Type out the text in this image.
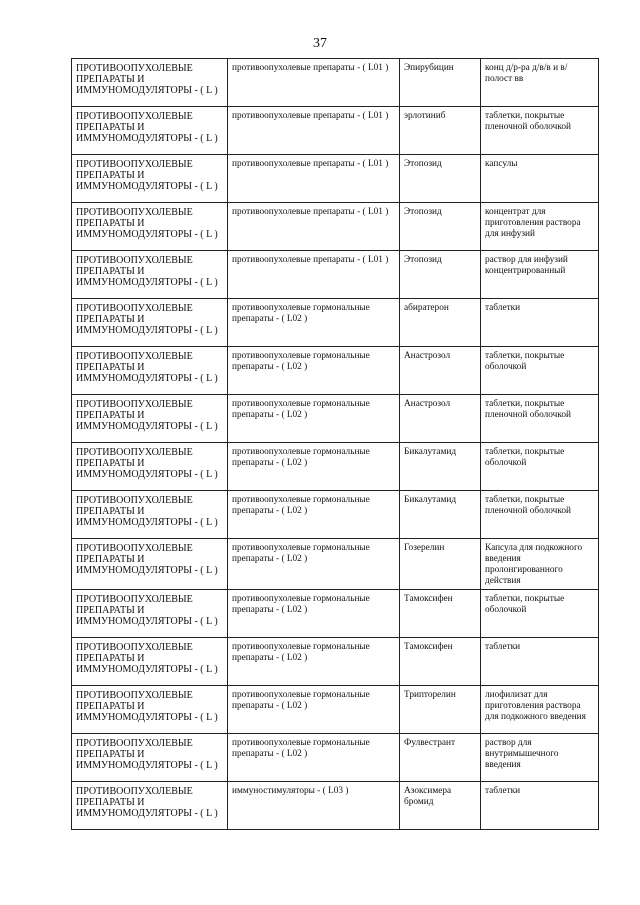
37
ПРОТИВООПУХОЛЕВЫЕ ПРЕПАРАТЫ И ИММУНОМОДУЛЯТОРЫ - ( L )	противоопухолевые препараты - ( L01 )	Эпирубицин	конц д/р-ра д/в/в и в/полост вв
ПРОТИВООПУХОЛЕВЫЕ ПРЕПАРАТЫ И ИММУНОМОДУЛЯТОРЫ - ( L )	противоопухолевые препараты - ( L01 )	эрлотиниб	таблетки, покрытые пленочной оболочкой
ПРОТИВООПУХОЛЕВЫЕ ПРЕПАРАТЫ И ИММУНОМОДУЛЯТОРЫ - ( L )	противоопухолевые препараты - ( L01 )	Этопозид	капсулы
ПРОТИВООПУХОЛЕВЫЕ ПРЕПАРАТЫ И ИММУНОМОДУЛЯТОРЫ - ( L )	противоопухолевые препараты - ( L01 )	Этопозид	концентрат для приготовления раствора для инфузий
ПРОТИВООПУХОЛЕВЫЕ ПРЕПАРАТЫ И ИММУНОМОДУЛЯТОРЫ - ( L )	противоопухолевые препараты - ( L01 )	Этопозид	раствор для инфузий концентрированный
ПРОТИВООПУХОЛЕВЫЕ ПРЕПАРАТЫ И ИММУНОМОДУЛЯТОРЫ - ( L )	противоопухолевые гормональные препараты - ( L02 )	абиратерон	таблетки
ПРОТИВООПУХОЛЕВЫЕ ПРЕПАРАТЫ И ИММУНОМОДУЛЯТОРЫ - ( L )	противоопухолевые гормональные препараты - ( L02 )	Анастрозол	таблетки, покрытые оболочкой
ПРОТИВООПУХОЛЕВЫЕ ПРЕПАРАТЫ И ИММУНОМОДУЛЯТОРЫ - ( L )	противоопухолевые гормональные препараты - ( L02 )	Анастрозол	таблетки, покрытые пленочной оболочкой
ПРОТИВООПУХОЛЕВЫЕ ПРЕПАРАТЫ И ИММУНОМОДУЛЯТОРЫ - ( L )	противоопухолевые гормональные препараты - ( L02 )	Бикалутамид	таблетки, покрытые оболочкой
ПРОТИВООПУХОЛЕВЫЕ ПРЕПАРАТЫ И ИММУНОМОДУЛЯТОРЫ - ( L )	противоопухолевые гормональные препараты - ( L02 )	Бикалутамид	таблетки, покрытые пленочной оболочкой
ПРОТИВООПУХОЛЕВЫЕ ПРЕПАРАТЫ И ИММУНОМОДУЛЯТОРЫ - ( L )	противоопухолевые гормональные препараты - ( L02 )	Гозерелин	Капсула для подкожного введения пролонгированного действия
ПРОТИВООПУХОЛЕВЫЕ ПРЕПАРАТЫ И ИММУНОМОДУЛЯТОРЫ - ( L )	противоопухолевые гормональные препараты - ( L02 )	Тамоксифен	таблетки, покрытые оболочкой
ПРОТИВООПУХОЛЕВЫЕ ПРЕПАРАТЫ И ИММУНОМОДУЛЯТОРЫ - ( L )	противоопухолевые гормональные препараты - ( L02 )	Тамоксифен	таблетки
ПРОТИВООПУХОЛЕВЫЕ ПРЕПАРАТЫ И ИММУНОМОДУЛЯТОРЫ - ( L )	противоопухолевые гормональные препараты - ( L02 )	Трипторелин	лиофилизат для приготовления раствора для подкожного введения
ПРОТИВООПУХОЛЕВЫЕ ПРЕПАРАТЫ И ИММУНОМОДУЛЯТОРЫ - ( L )	противоопухолевые гормональные препараты - ( L02 )	Фулвестрант	раствор для внутримышечного введения
ПРОТИВООПУХОЛЕВЫЕ ПРЕПАРАТЫ И ИММУНОМОДУЛЯТОРЫ - ( L )	иммуностимуляторы - ( L03 )	Азоксимера бромид	таблетки
